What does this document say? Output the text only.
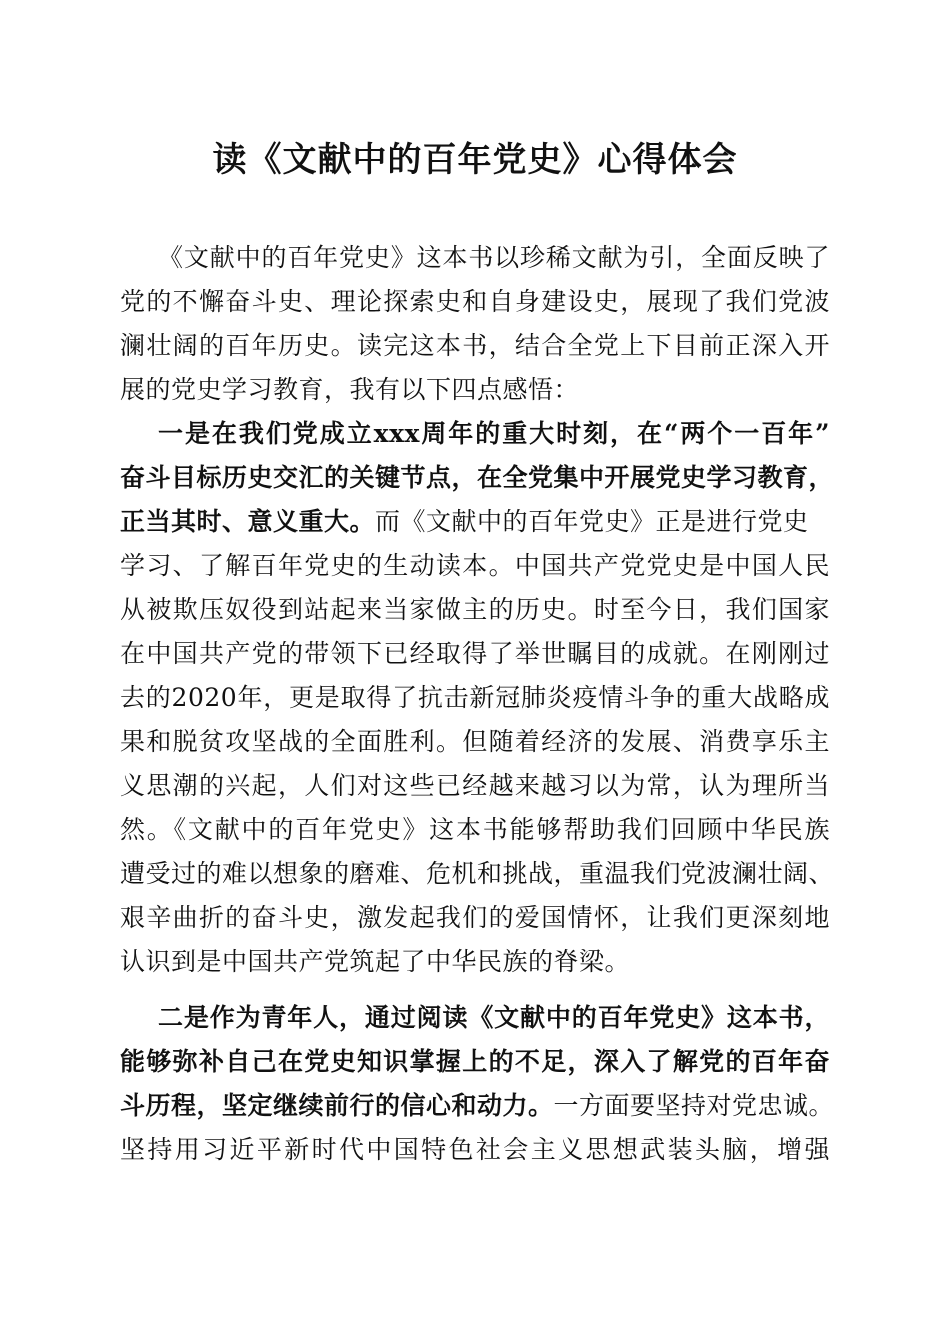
读《文献中的百年党史》心得体会

《文献中的百年党史》这本书以珍稀文献为引，全面反映了

党的不懈奋斗史、理论探索史和自身建设史，展现了我们党波

澜壮阔的百年历史。读完这本书，结合全党上下目前正深入开

展的党史学习教育，我有以下四点感悟：

一是在我们党成立xxx周年的重大时刻，在“两个一百年”

奋斗目标历史交汇的关键节点，在全党集中开展党史学习教育，

正当其时、意义重大。而《文献中的百年党史》正是进行党史

学习、了解百年党史的生动读本。中国共产党党史是中国人民

从被欺压奴役到站起来当家做主的历史。时至今日，我们国家

在中国共产党的带领下已经取得了举世瞩目的成就。在刚刚过

去的2020年，更是取得了抗击新冠肺炎疫情斗争的重大战略成

果和脱贫攻坚战的全面胜利。但随着经济的发展、消费享乐主

义思潮的兴起，人们对这些已经越来越习以为常，认为理所当

然。《文献中的百年党史》这本书能够帮助我们回顾中华民族

遭受过的难以想象的磨难、危机和挑战，重温我们党波澜壮阔、

艰辛曲折的奋斗史，激发起我们的爱国情怀，让我们更深刻地

认识到是中国共产党筑起了中华民族的脊梁。

二是作为青年人，通过阅读《文献中的百年党史》这本书，

能够弥补自己在党史知识掌握上的不足，深入了解党的百年奋

斗历程，坚定继续前行的信心和动力。一方面要坚持对党忠诚。

坚持用习近平新时代中国特色社会主义思想武装头脑，增强
